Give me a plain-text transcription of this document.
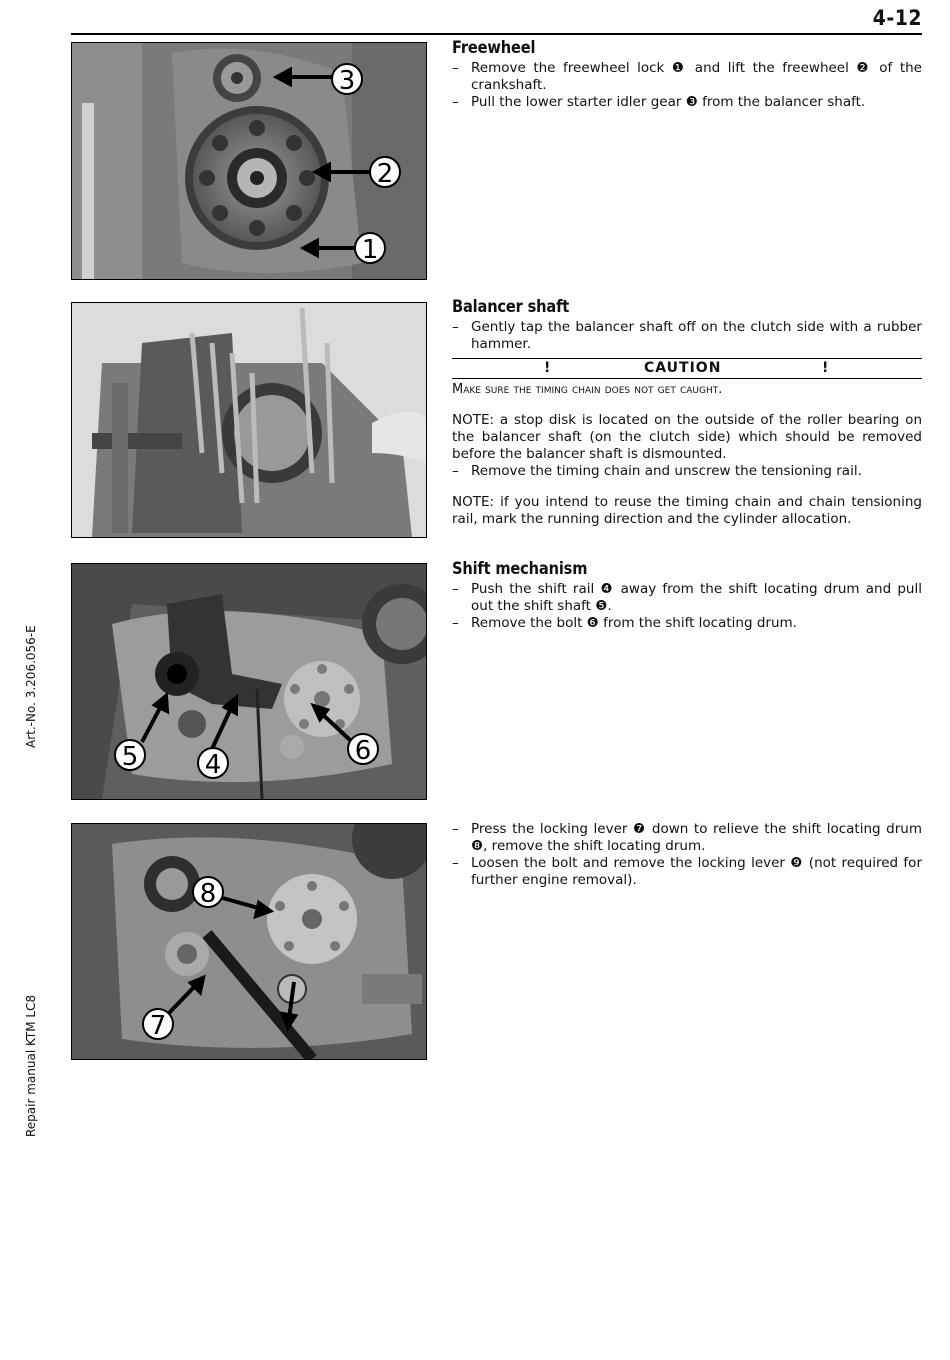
4-12
Art.-No. 3.206.056-E
Repair manual KTM LC8
3
2
1
5	4	6
8
7
Freewheel
– Remove the freewheel lock ❶ and lift the freewheel ❷ of the crankshaft.
– Pull the lower starter idler gear ❸ from the balancer shaft.
Balancer shaft
– Gently tap the balancer shaft off on the clutch side with a rubber hammer.
!	CAUTION	!
Make sure the timing chain does not get caught.
NOTE: a stop disk is located on the outside of the roller bearing on the balancer shaft (on the clutch side) which should be removed before the balancer shaft is dismounted.
– Remove the timing chain and unscrew the tensioning rail.
NOTE: if you intend to reuse the timing chain and chain tensioning rail, mark the running direction and the cylinder allocation.
Shift mechanism
– Push the shift rail ❹ away from the shift locating drum and pull out the shift shaft ❺.
– Remove the bolt ❻ from the shift locating drum.
– Press the locking lever ❼ down to relieve the shift locating drum ❽, remove the shift locating drum.
– Loosen the bolt and remove the locking lever ❾ (not required for further engine removal).
